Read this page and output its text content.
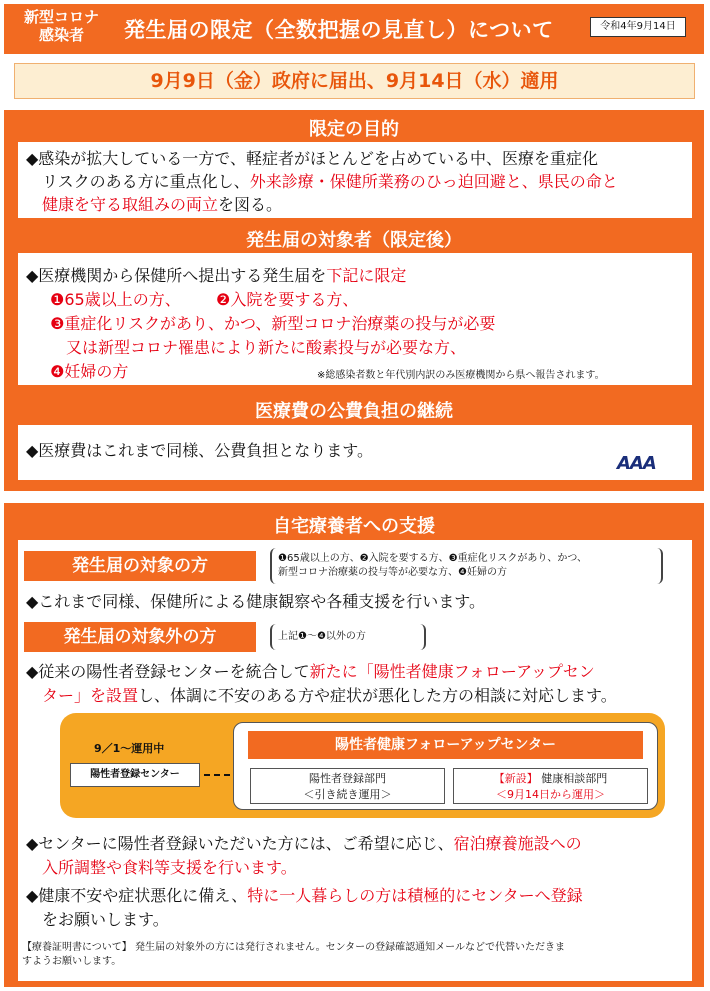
新型コロナ
感染者	発生届の限定（全数把握の見直し）について	令和4年9月14日
9月9日（金）政府に届出、9月14日（水）適用
限定の目的
◆感染が拡大している一方で、軽症者がほとんどを占めている中、医療を重症化
リスクのある方に重点化し、外来診療・保健所業務のひっ迫回避と、県民の命と
健康を守る取組みの両立を図る。
発生届の対象者（限定後）
◆医療機関から保健所へ提出する発生届を下記に限定
❶65歳以上の方、 ❷入院を要する方、
❸重症化リスクがあり、かつ、新型コロナ治療薬の投与が必要
又は新型コロナ罹患により新たに酸素投与が必要な方、
❹妊婦の方	※総感染者数と年代別内訳のみ医療機関から県へ報告されます。
医療費の公費負担の継続
◆医療費はこれまで同様、公費負担となります。
AAA
自宅療養者への支援
発生届の対象の方	❶65歳以上の方、❷入院を要する方、❸重症化リスクがあり、かつ、
新型コロナ治療薬の投与等が必要な方、❹妊婦の方
◆これまで同様、保健所による健康観察や各種支援を行います。
発生届の対象外の方	上記❶～❹以外の方
◆従来の陽性者登録センターを統合して新たに「陽性者健康フォローアップセン
ター」を設置し、体調に不安のある方や症状が悪化した方の相談に対応します。
9／1～運用中
陽性者登録センター
陽性者健康フォローアップセンター
陽性者登録部門
＜引き続き運用＞
【新設】 健康相談部門
＜9月14日から運用＞
◆センターに陽性者登録いただいた方には、ご希望に応じ、宿泊療養施設への
入所調整や食料等支援を行います。
◆健康不安や症状悪化に備え、特に一人暮らしの方は積極的にセンターへ登録
をお願いします。
【療養証明書について】 発生届の対象外の方には発行されません。センターの登録確認通知メールなどで代替いただきま
すようお願いします。
